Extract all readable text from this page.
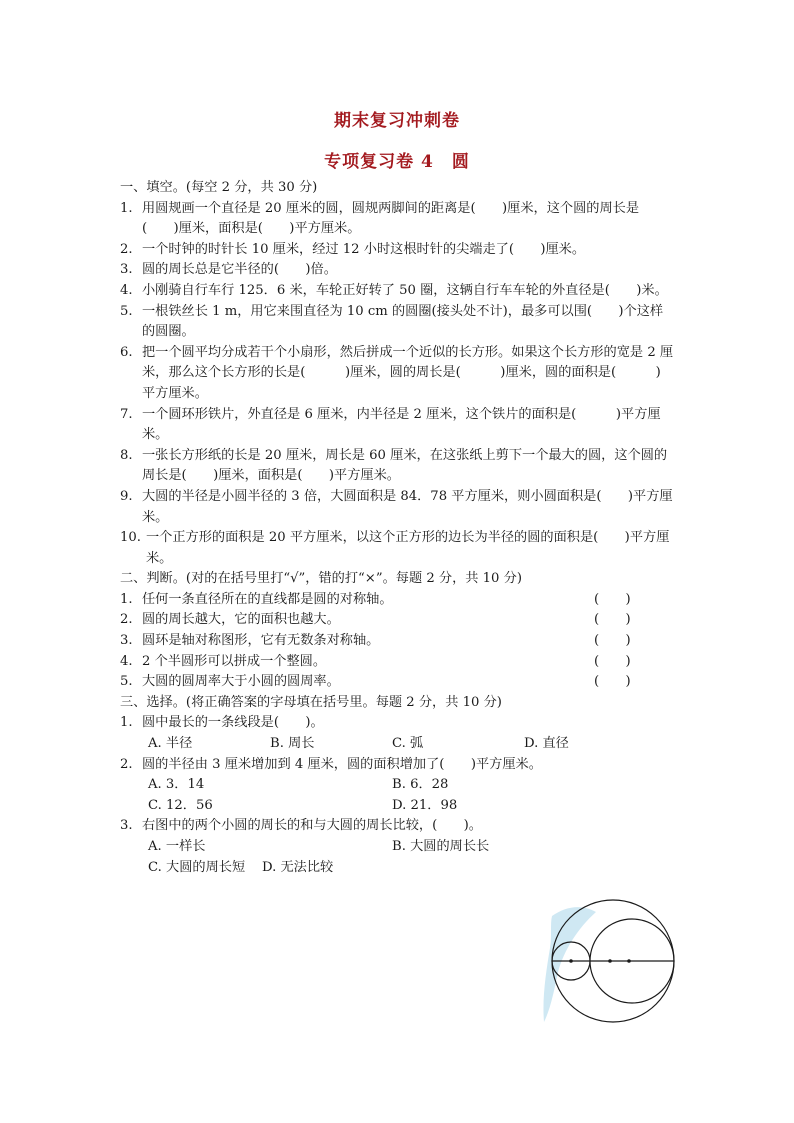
期末复习冲刺卷
专项复习卷 4　圆

一、填空。(每空 2 分，共 30 分)

1. 用圆规画一个直径是 20 厘米的圆，圆规两脚间的距离是(　　)厘米，这个圆的周长是(　　)厘米，面积是(　　)平方厘米。
2. 一个时钟的时针长 10 厘米，经过 12 小时这根时针的尖端走了(　　)厘米。
3. 圆的周长总是它半径的(　　)倍。
4. 小刚骑自行车行 125．6 米，车轮正好转了 50 圈，这辆自行车车轮的外直径是(　　)米。
5. 一根铁丝长 1 m，用它来围直径为 10 cm 的圆圈(接头处不计)，最多可以围(　　)个这样的圆圈。
6. 把一个圆平均分成若干个小扇形，然后拼成一个近似的长方形。如果这个长方形的宽是 2 厘米，那么这个长方形的长是(　　　)厘米，圆的周长是(　　　)厘米，圆的面积是(　　　) 平方厘米。
7. 一个圆环形铁片，外直径是 6 厘米，内半径是 2 厘米，这个铁片的面积是(　　　)平方厘米。
8. 一张长方形纸的长是 20 厘米，周长是 60 厘米，在这张纸上剪下一个最大的圆，这个圆的周长是(　　)厘米，面积是(　　)平方厘米。
9. 大圆的半径是小圆半径的 3 倍，大圆面积是 84．78 平方厘米，则小圆面积是(　　)平方厘米。
10. 一个正方形的面积是 20 平方厘米，以这个正方形的边长为半径的圆的面积是(　　)平方厘米。

二、判断。(对的在括号里打“√”，错的打“×”。每题 2 分，共 10 分)

1. 任何一条直径所在的直线都是圆的对称轴。	(　　)
2. 圆的周长越大，它的面积也越大。	(　　)
3. 圆环是轴对称图形，它有无数条对称轴。	(　　)
4. 2 个半圆形可以拼成一个整圆。	(　　)
5. 大圆的圆周率大于小圆的圆周率。	(　　)

三、选择。(将正确答案的字母填在括号里。每题 2 分，共 10 分)

1. 圆中最长的一条线段是(　　)。
A. 半径	B. 周长	C. 弧	D. 直径
2. 圆的半径由 3 厘米增加到 4 厘米，圆的面积增加了(　　)平方厘米。
A. 3．14	B. 6．28
C. 12．56	D. 21．98
3. 右图中的两个小圆的周长的和与大圆的周长比较，(　　)。
A. 一样长	B. 大圆的周长长
C. 大圆的周长短 D. 无法比较
